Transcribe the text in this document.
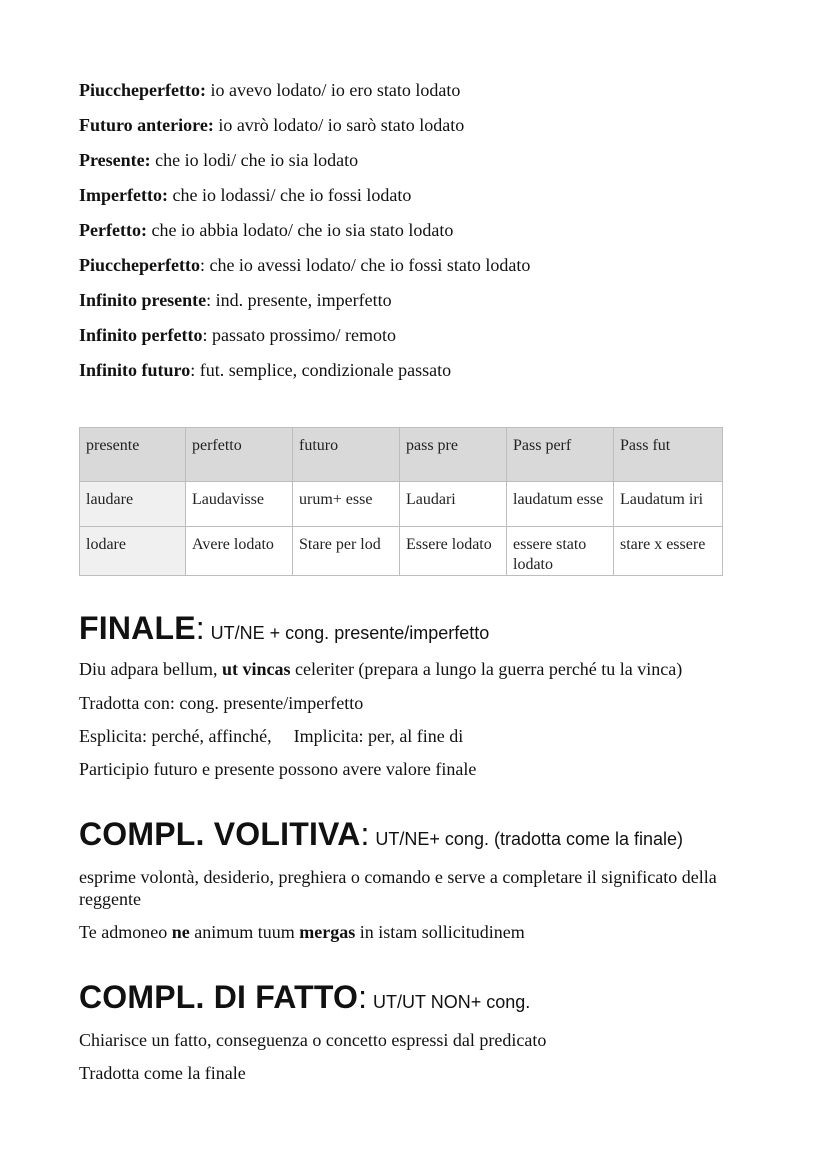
Piuccheperfetto: io avevo lodato/ io ero stato lodato
Futuro anteriore: io avrò lodato/ io sarò stato lodato
Presente: che io lodi/ che io sia lodato
Imperfetto: che io lodassi/ che io fossi lodato
Perfetto: che io abbia lodato/ che io sia stato lodato
Piuccheperfetto: che io avessi lodato/ che io fossi stato lodato
Infinito presente: ind. presente, imperfetto
Infinito perfetto: passato prossimo/ remoto
Infinito futuro: fut. semplice, condizionale passato
presente	perfetto	futuro	pass pre	Pass perf	Pass fut
laudare	Laudavisse	urum+ esse	Laudari	laudatum esse	Laudatum iri
lodare	Avere lodato	Stare per lod	Essere lodato	essere stato lodato	stare x essere
FINALE: UT/NE + cong. presente/imperfetto
Diu adpara bellum, ut vincas celeriter (prepara a lungo la guerra perché tu la vinca)
Tradotta con: cong. presente/imperfetto
Esplicita: perché, affinché, Implicita: per, al fine di
Participio futuro e presente possono avere valore finale
COMPL. VOLITIVA: UT/NE+ cong. (tradotta come la finale)
esprime volontà, desiderio, preghiera o comando e serve a completare il significato della reggente
Te admoneo ne animum tuum mergas in istam sollicitudinem
COMPL. DI FATTO: UT/UT NON+ cong.
Chiarisce un fatto, conseguenza o concetto espressi dal predicato
Tradotta come la finale
